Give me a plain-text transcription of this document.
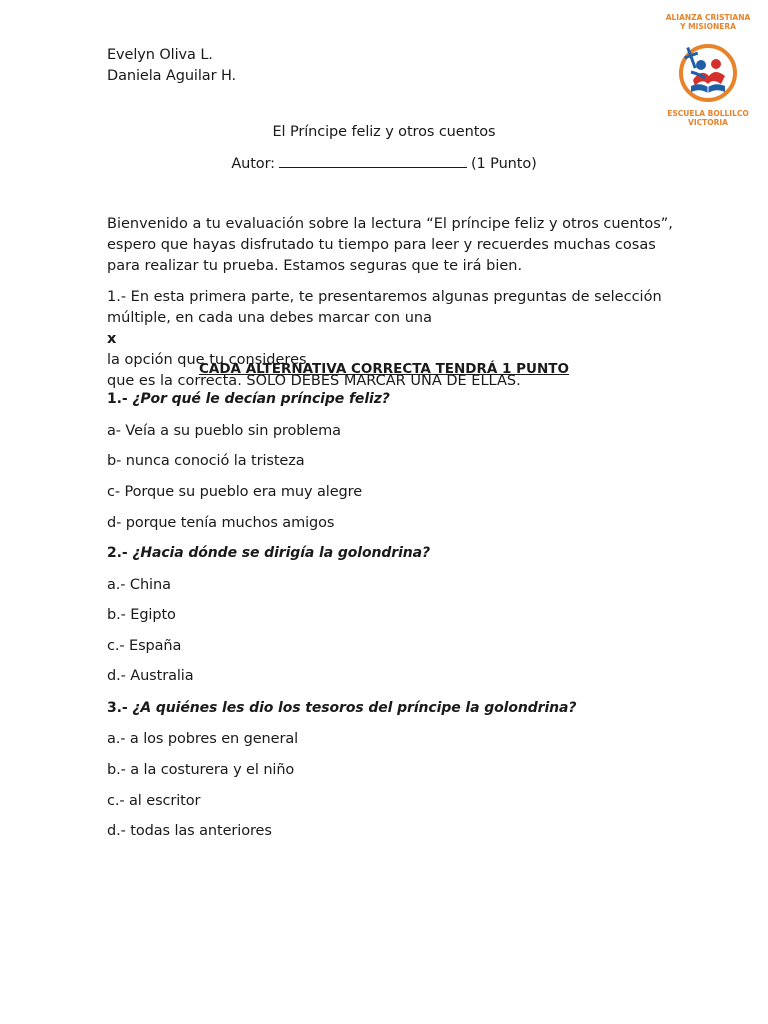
Evelyn Oliva L.
Daniela Aguilar H.
ALIANZA CRISTIANA
Y MISIONERA
ESCUELA BOLLILCO
VICTORIA
El Príncipe feliz y otros cuentos
Autor:	(1 Punto)
Bienvenido a tu evaluación sobre la lectura “El príncipe feliz y otros cuentos”,
espero que hayas disfrutado tu tiempo para leer y recuerdes muchas cosas
para realizar tu prueba. Estamos seguras que te irá bien.
1.- En esta primera parte, te presentaremos algunas preguntas de selección
múltiple, en cada una debes marcar con una
x
la opción que tu consideres
que es la correcta. SOLO DEBES MARCAR UNA DE ELLAS.
CADA ALTERNATIVA CORRECTA TENDRÁ 1 PUNTO
1.- ¿Por qué le decían príncipe feliz?
a- Veía a su pueblo sin problema
b- nunca conoció la tristeza
c- Porque su pueblo era muy alegre
d- porque tenía muchos amigos
2.- ¿Hacia dónde se dirigía la golondrina?
a.- China
b.- Egipto
c.- España
d.- Australia
3.- ¿A quiénes les dio los tesoros del príncipe la golondrina?
a.- a los pobres en general
b.- a la costurera y el niño
c.- al escritor
d.- todas las anteriores
